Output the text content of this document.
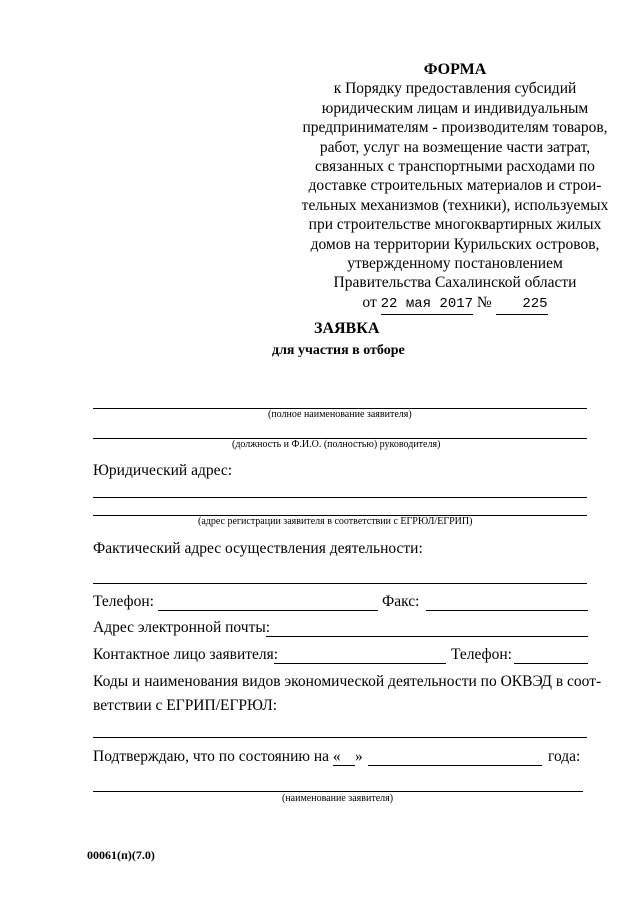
ФОРМА
к Порядку предоставления субсидий
юридическим лицам и индивидуальным
предпринимателям - производителям товаров,
работ, услуг на возмещение части затрат,
связанных с транспортными расходами по
доставке строительных материалов и строи-
тельных механизмов (техники), используемых
при строительстве многоквартирных жилых
домов на территории Курильских островов,
утвержденному постановлением
Правительства Сахалинской области
от 22 мая 2017 № 225
ЗАЯВКА
для участия в отборе
(полное наименование заявителя)
(должность и Ф.И.О. (полностью) руководителя)
Юридический адрес:
(адрес регистрации заявителя в соответствии с ЕГРЮЛ/ЕГРИП)
Фактический адрес осуществления деятельности:
Телефон:	Факс:
Адрес электронной почты:
Контактное лицо заявителя:	Телефон:
Коды и наименования видов экономической деятельности по ОКВЭД в соот-
ветствии с ЕГРИП/ЕГРЮЛ:
Подтверждаю, что по состоянию на « »	года:
(наименование заявителя)
00061(п)(7.0)
